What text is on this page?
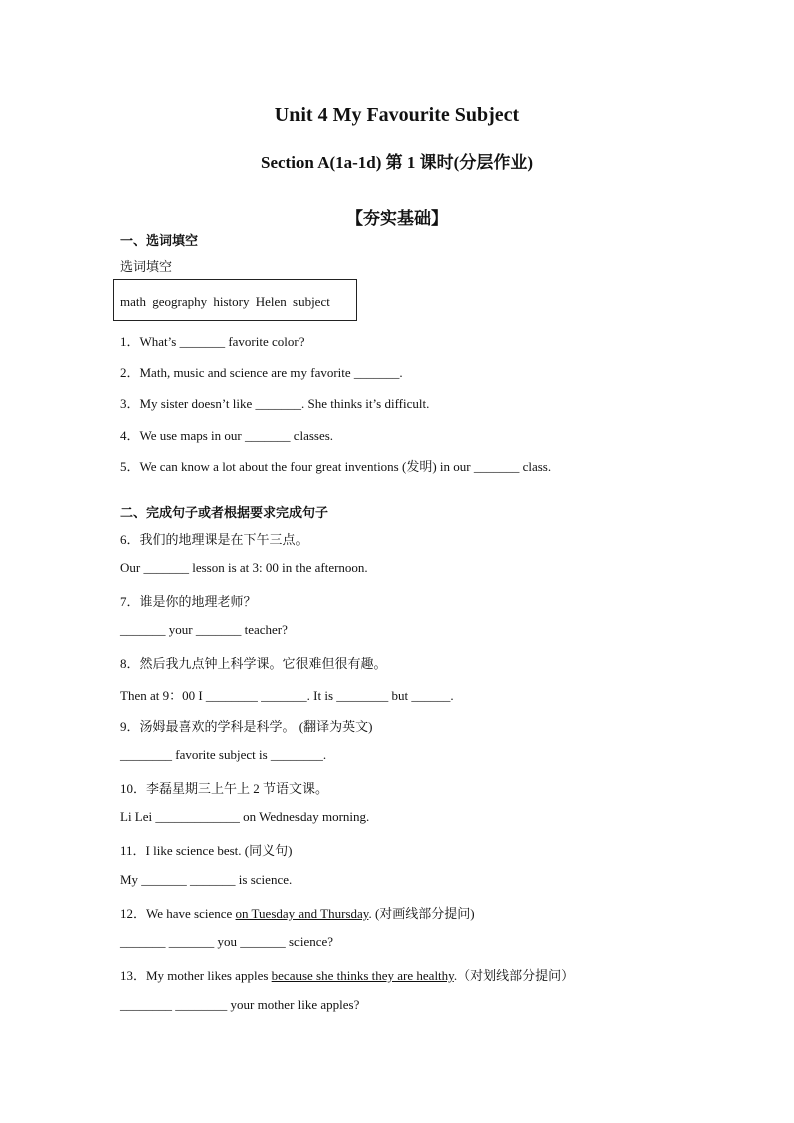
Unit 4 My Favourite Subject
Section A(1a-1d) 第 1 课时(分层作业)
【夯实基础】
一、选词填空
选词填空
math geography history Helen subject
1．What’s _______ favorite color?
2．Math, music and science are my favorite _______.
3．My sister doesn’t like _______. She thinks it’s difficult.
4．We use maps in our _______ classes.
5．We can know a lot about the four great inventions (发明) in our _______ class.
二、完成句子或者根据要求完成句子
6．我们的地理课是在下午三点。
Our _______ lesson is at 3: 00 in the afternoon.
7．谁是你的地理老师？
_______ your _______ teacher?
8．然后我九点钟上科学课。它很难但很有趣。
Then at 9：00 I ________ _______. It is ________ but ______.
9．汤姆最喜欢的学科是科学。 (翻译为英文)
________ favorite subject is ________.
10．李磊星期三上午上 2 节语文课。
Li Lei _____________ on Wednesday morning.
11．I like science best. (同义句)
My _______ _______ is science.
12．We have science on Tuesday and Thursday. (对画线部分提问)
_______ _______ you _______ science?
13．My mother likes apples because she thinks they are healthy.（对划线部分提问）
________ ________ your mother like apples?
